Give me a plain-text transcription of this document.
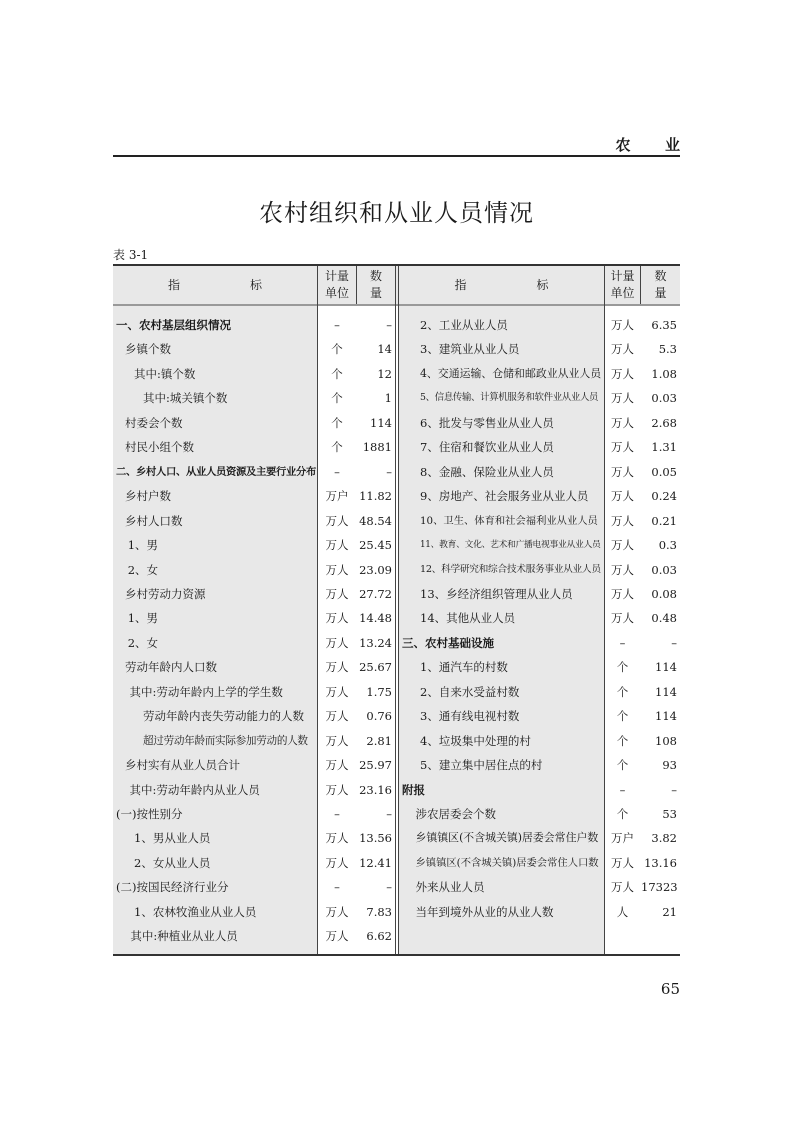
农 业
农村组织和从业人员情况
表 3-1
指	标
计量
单位
数
量
指	标
计量
单位
数
量
一、农村基层组织情况	–	–
乡镇个数	个	14
其中:镇个数	个	12
其中:城关镇个数	个	1
村委会个数	个	114
村民小组个数	个	1881
二、乡村人口、从业人员资源及主要行业分布	–	–
乡村户数	万户 11.82
乡村人口数	万人 48.54
1、男	万人 25.45
2、女	万人 23.09
乡村劳动力资源	万人 27.72
1、男	万人 14.48
2、女	万人 13.24
劳动年龄内人口数	万人 25.67
其中:劳动年龄内上学的学生数	万人	1.75
劳动年龄内丧失劳动能力的人数	万人	0.76
超过劳动年龄而实际参加劳动的人数	万人	2.81
乡村实有从业人员合计	万人 25.97
其中:劳动年龄内从业人员	万人 23.16
(一)按性别分	–	–
1、男从业人员	万人 13.56
2、女从业人员	万人 12.41
(二)按国民经济行业分	–	–
1、农林牧渔业从业人员	万人	7.83
其中:种植业从业人员	万人	6.62
2、工业从业人员	万人	6.35
3、建筑业从业人员	万人	5.3
4、交通运输、仓储和邮政业从业人员 万人	1.08
5、信息传输、计算机服务和软件业从业人员	万人	0.03
6、批发与零售业从业人员	万人	2.68
7、住宿和餐饮业从业人员	万人	1.31
8、金融、保险业从业人员	万人	0.05
9、房地产、社会服务业从业人员	万人	0.24
10、卫生、体育和社会福利业从业人员	万人	0.21
11、教育、文化、艺术和广播电视事业从业人员 万人	0.3
12、科学研究和综合技术服务事业从业人员 万人	0.03
13、乡经济组织管理从业人员	万人	0.08
14、其他从业人员	万人	0.48
三、农村基础设施	–	–
1、通汽车的村数	个	114
2、自来水受益村数	个	114
3、通有线电视村数	个	114
4、垃圾集中处理的村	个	108
5、建立集中居住点的村	个	93
附报	–	–
涉农居委会个数	个	53
乡镇镇区(不含城关镇)居委会常住户数	万户	3.82
乡镇镇区(不含城关镇)居委会常住人口数	万人 13.16
外来从业人员	万人 17323
当年到境外从业的从业人数	人	21
65
